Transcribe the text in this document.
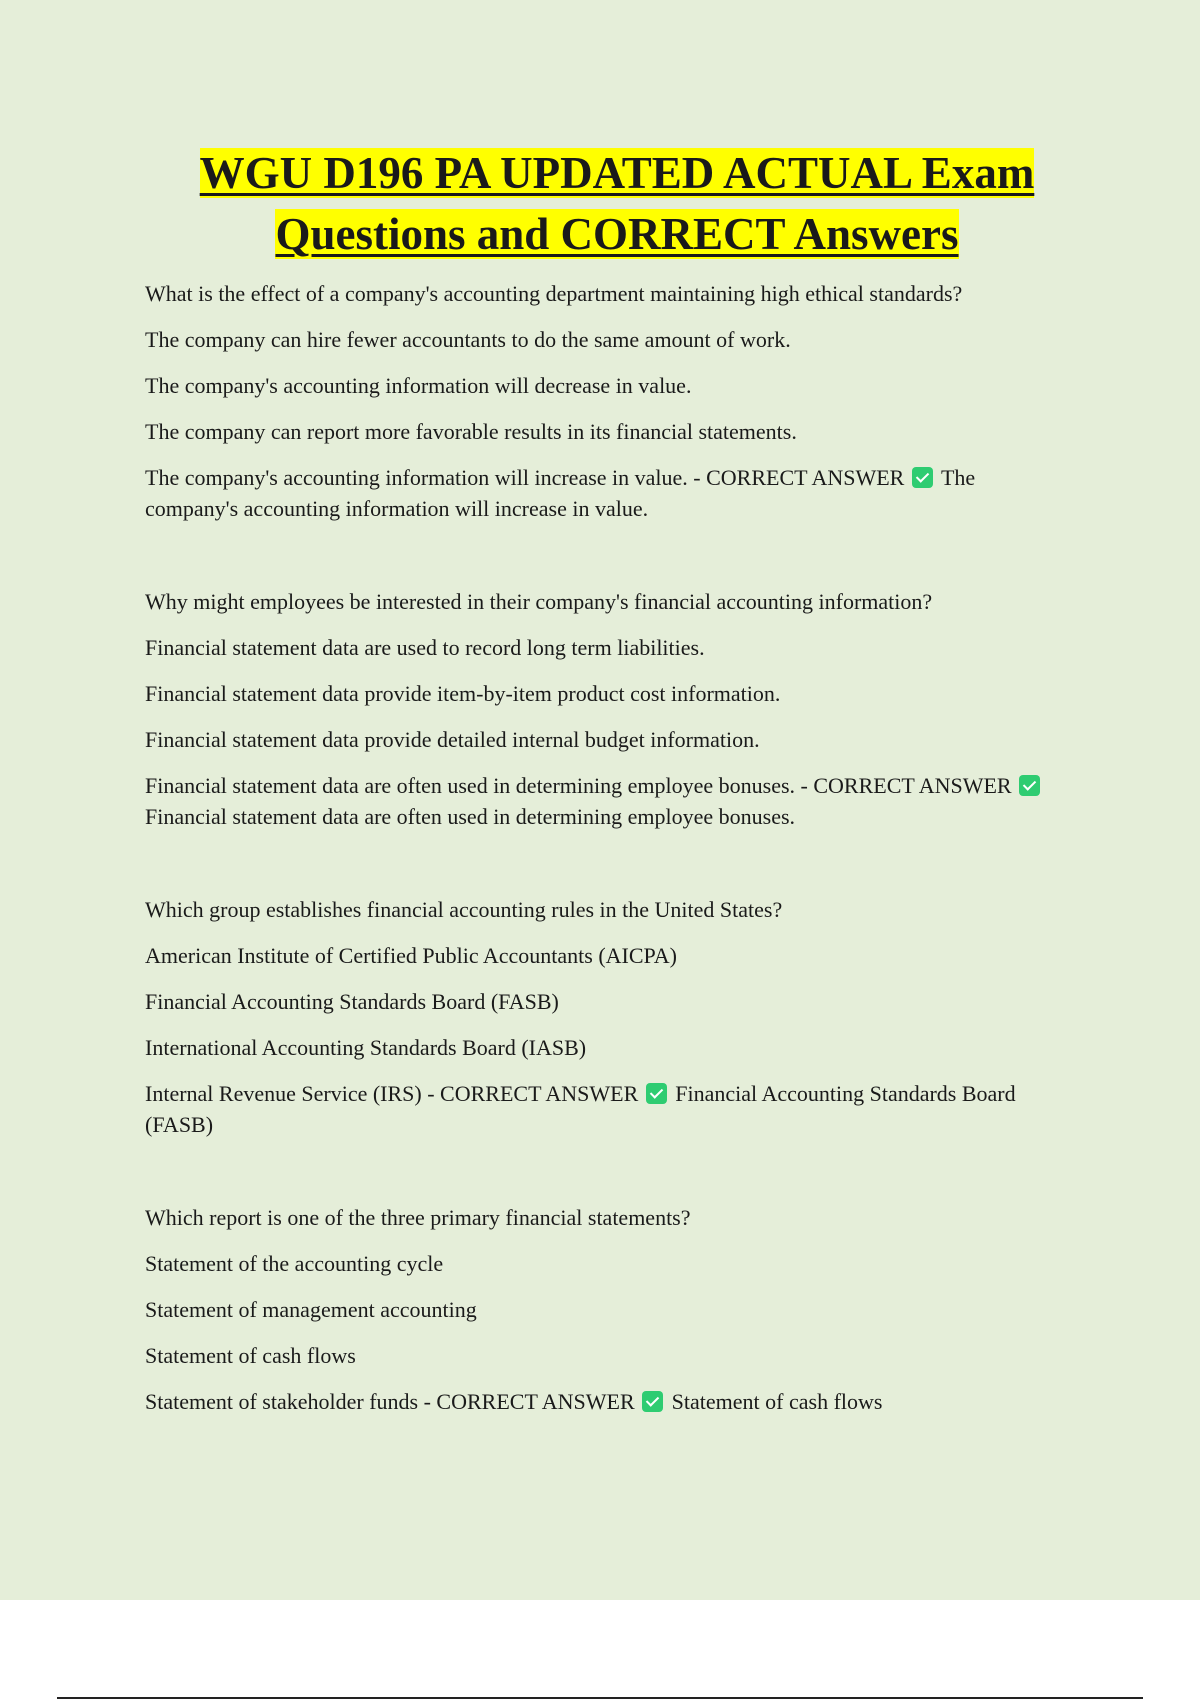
WGU D196 PA UPDATED ACTUAL Exam
Questions and CORRECT Answers

What is the effect of a company's accounting department maintaining high ethical standards?

The company can hire fewer accountants to do the same amount of work.

The company's accounting information will decrease in value.

The company can report more favorable results in its financial statements.

The company's accounting information will increase in value. - CORRECT ANSWER The company's accounting information will increase in value.

Why might employees be interested in their company's financial accounting information?

Financial statement data are used to record long term liabilities.

Financial statement data provide item-by-item product cost information.

Financial statement data provide detailed internal budget information.

Financial statement data are often used in determining employee bonuses. - CORRECT ANSWER  Financial statement data are often used in determining employee bonuses.

Which group establishes financial accounting rules in the United States?

American Institute of Certified Public Accountants (AICPA)

Financial Accounting Standards Board (FASB)

International Accounting Standards Board (IASB)

Internal Revenue Service (IRS) - CORRECT ANSWER Financial Accounting Standards Board (FASB)

Which report is one of the three primary financial statements?

Statement of the accounting cycle

Statement of management accounting

Statement of cash flows

Statement of stakeholder funds - CORRECT ANSWER Statement of cash flows
